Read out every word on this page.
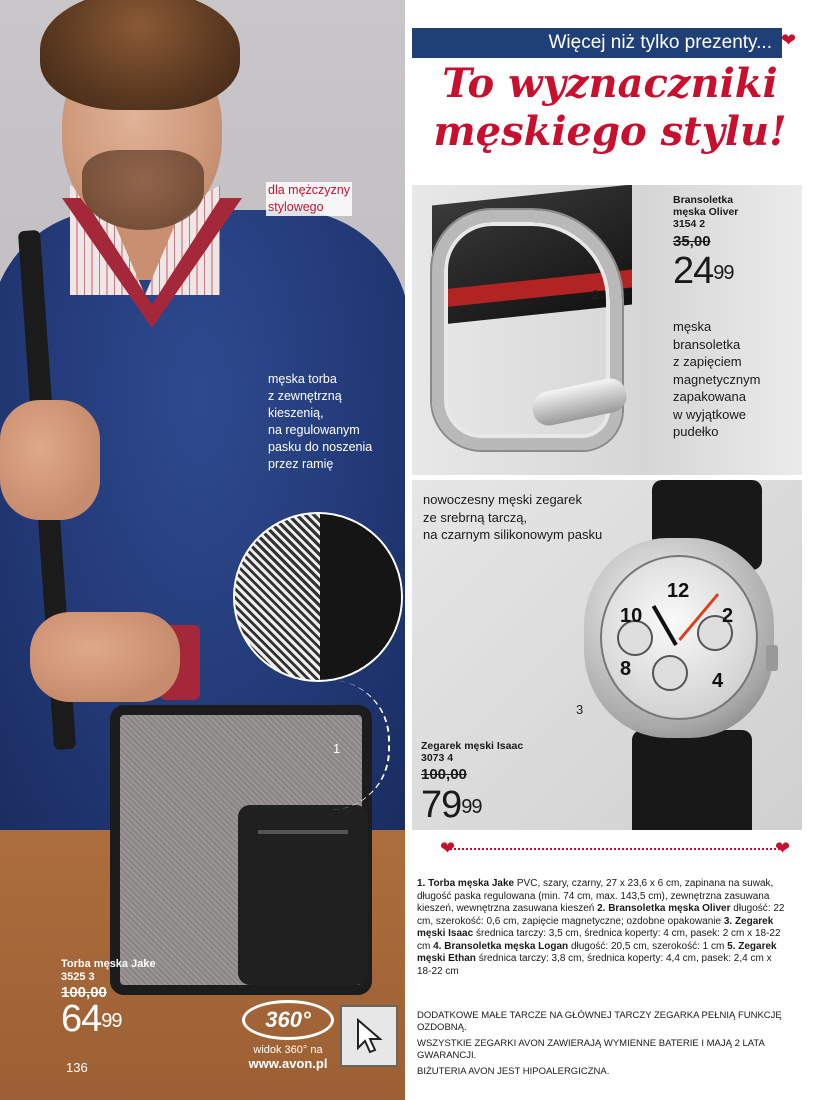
dla mężczyzny
stylowego
męska torba
z zewnętrzną
kieszenią,
na regulowanym
pasku do noszenia
przez ramię
1
Torba męska Jake
3525 3
100,00
$64^{99}$
136
360°
widok 360° na
www.avon.pl
Więcej niż tylko prezenty... ❤
To wyznaczniki
męskiego stylu!
2
Bransoletka
męska Oliver
3154 2
35,00
$24^{99}$
męska
bransoletka
z zapięciem
magnetycznym
zapakowana
w wyjątkowe
pudełko
12
10	2
8
4
nowoczesny męski zegarek
ze srebrną tarczą,
na czarnym silikonowym pasku
3
Zegarek męski Isaac
3073 4
100,00
$79^{99}$
❤	❤
1. Torba męska Jake PVC, szary, czarny, 27 x 23,6 x 6 cm, zapinana na suwak, długość paska regulowana (min. 74 cm, max. 143,5 cm), zewnętrzna zasuwana kieszeń, wewnętrzna zasuwana kieszeń 2. Bransoletka męska Oliver długość: 22 cm, szerokość: 0,6 cm, zapięcie magnetyczne; ozdobne opakowanie 3. Zegarek męski Isaac średnica tarczy: 3,5 cm, średnica koperty: 4 cm, pasek: 2 cm x 18-22 cm 4. Bransoletka męska Logan długość: 20,5 cm, szerokość: 1 cm 5. Zegarek męski Ethan średnica tarczy: 3,8 cm, średnica koperty: 4,4 cm, pasek: 2,4 cm x 18-22 cm

DODATKOWE MAŁE TARCZE NA GŁÓWNEJ TARCZY ZEGARKA PEŁNIĄ FUNKCJĘ OZDOBNĄ.

WSZYSTKIE ZEGARKI AVON ZAWIERAJĄ WYMIENNE BATERIE I MAJĄ 2 LATA GWARANCJI.

BIŻUTERIA AVON JEST HIPOALERGICZNA.
